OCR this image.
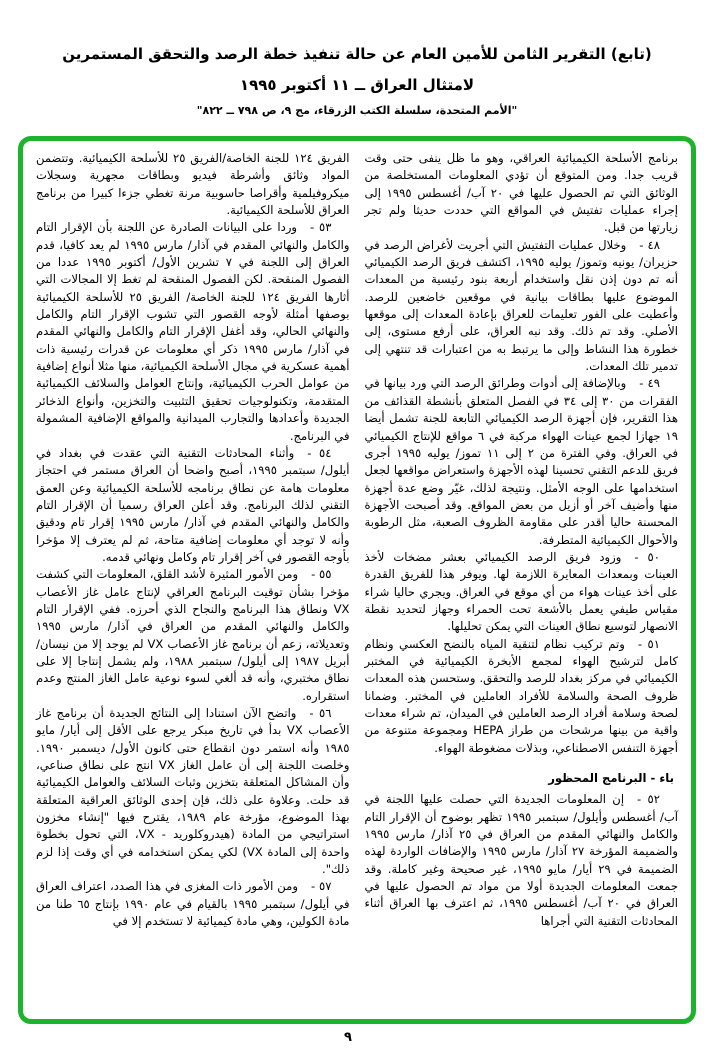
(تابع) التقرير الثامن للأمين العام عن حالة تنفيذ خطة الرصد والتحقق المستمرين
لامتثال العراق ــ ١١ أكتوبر ١٩٩٥
"الأمم المتحدة، سلسلة الكتب الزرقاء، مج ٩، ص ٧٩٨ ــ ٨٢٢"

برنامج الأسلحة الكيميائية العراقي، وهو ما ظل ينفى حتى وقت قريب جدا. ومن المتوقع أن تؤدي المعلومات المستخلصة من الوثائق التي تم الحصول عليها في ٢٠ آب/ أغسطس ١٩٩٥ إلى إجراء عمليات تفتيش في المواقع التي حددت حديثا ولم تجر زيارتها من قبل.

٤٨ -وخلال عمليات التفتيش التي أجريت لأغراض الرصد في حزيران/ يونيه وتموز/ يوليه ١٩٩٥، اكتشف فريق الرصد الكيميائي أنه تم دون إذن نقل واستخدام أربعة بنود رئيسية من المعدات الموضوع عليها بطاقات بيانية في موقعين خاضعين للرصد. وأعطيت على الفور تعليمات للعراق بإعادة المعدات إلى موقعها الأصلي. وقد تم ذلك. وقد نبه العراق، على أرفع مستوى، إلى خطورة هذا النشاط وإلى ما يرتبط به من اعتبارات قد تنتهي إلى تدمير تلك المعدات.

٤٩ -وبالإضافة إلى أدوات وطرائق الرصد التي ورد بيانها في الفقرات من ٣٠ إلى ٣٤ في الفصل المتعلق بأنشطة القذائف من هذا التقرير، فإن أجهزة الرصد الكيميائي التابعة للجنة تشمل أيضا ١٩ جهازا لجمع عينات الهواء مركبة في ٦ مواقع للإنتاج الكيميائي في العراق. وفي الفترة من ٢ إلى ١١ تموز/ يوليه ١٩٩٥ أجرى فريق للدعم التقني تحسينا لهذه الأجهزة واستعراض مواقعها لجعل استخدامها على الوجه الأمثل. ونتيجة لذلك، غيّر وضع عدة أجهزة منها وأضيف آخر أو أزيل من بعض المواقع. وقد أصبحت الأجهزة المحسنة حاليا أقدر على مقاومة الظروف الصعبة، مثل الرطوبة والأحوال الكيميائية المتطرفة.

٥٠ -وزود فريق الرصد الكيميائي بعشر مضخات لأخذ العينات وبمعدات المعايرة اللازمة لها. ويوفر هذا للفريق القدرة على أخذ عينات هواء من أي موقع في العراق. ويجري حاليا شراء مقياس طيفي يعمل بالأشعة تحت الحمراء وجهاز لتحديد نقطة الانصهار لتوسيع نطاق العينات التي يمكن تحليلها.

٥١ -وتم تركيب نظام لتنقية المياه بالنضح العكسي ونظام كامل لترشيح الهواء لمجمع الأبخرة الكيميائية في المختبر الكيميائي في مركز بغداد للرصد والتحقق. وستحسن هذه المعدات ظروف الصحة والسلامة للأفراد العاملين في المختبر. وضمانا لصحة وسلامة أفراد الرصد العاملين في الميدان، تم شراء معدات واقية من بينها مرشحات من طراز HEPA ومجموعة متنوعة من أجهزة التنفس الاصطناعي، وبذلات مضغوطة الهواء.

باء - البرنامج المحظور

٥٢ -إن المعلومات الجديدة التي حصلت عليها اللجنة في آب/ أغسطس وأيلول/ سبتمبر ١٩٩٥ تظهر بوضوح أن الإقرار التام والكامل والنهائي المقدم من العراق في ٢٥ آذار/ مارس ١٩٩٥ والضميمة المؤرخة ٢٧ آذار/ مارس ١٩٩٥ والإضافات الواردة لهذه الضميمة في ٢٩ أيار/ مايو ١٩٩٥، غير صحيحة وغير كاملة. وقد جمعت المعلومات الجديدة أولا من مواد تم الحصول عليها في العراق في ٢٠ آب/ أغسطس ١٩٩٥، ثم اعترف بها العراق أثناء المحادثات التقنية التي أجراها

الفريق ١٢٤ للجنة الخاصة/الفريق ٢٥ للأسلحة الكيميائية. وتتضمن المواد وثائق وأشرطة فيديو وبطاقات مجهرية وسجلات ميكروفيلمية وأقراصا حاسوبية مرنة تغطي جزءا كبيرا من برنامج العراق للأسلحة الكيميائية.

٥٣ -وردا على البيانات الصادرة عن اللجنة بأن الإقرار التام والكامل والنهائي المقدم في آذار/ مارس ١٩٩٥ لم يعد كافيا، قدم العراق إلى اللجنة في ٧ تشرين الأول/ أكتوبر ١٩٩٥ عددا من الفصول المنقحة. لكن الفصول المنقحة لم تغط إلا المجالات التي أثارها الفريق ١٢٤ للجنة الخاصة/ الفريق ٢٥ للأسلحة الكيميائية بوصفها أمثلة لأوجه القصور التي تشوب الإقرار التام والكامل والنهائي الحالي، وقد أغفل الإقرار التام والكامل والنهائي المقدم في آذار/ مارس ١٩٩٥ ذكر أي معلومات عن قدرات رئيسية ذات أهمية عسكرية في مجال الأسلحة الكيميائية، منها مثلا أنواع إضافية من عوامل الحرب الكيميائية، وإنتاج العوامل والسلائف الكيميائية المتقدمة، وتكنولوجيات تحقيق التثبيت والتخزين، وأنواع الذخائر الجديدة وأعدادها والتجارب الميدانية والمواقع الإضافية المشمولة في البرنامج.

٥٤ -وأثناء المحادثات التقنية التي عقدت في بغداد في أيلول/ سبتمبر ١٩٩٥، أصبح واضحا أن العراق مستمر في احتجاز معلومات هامة عن نطاق برنامجه للأسلحة الكيميائية وعن العمق التقني لذلك البرنامج. وقد أعلن العراق رسميا أن الإقرار التام والكامل والنهائي المقدم في آذار/ مارس ١٩٩٥ إقرار تام ودقيق وأنه لا توجد أي معلومات إضافية متاحة، ثم لم يعترف إلا مؤخرا بأوجه القصور في آخر إقرار تام وكامل ونهائي قدمه.

٥٥ -ومن الأمور المثيرة لأشد القلق، المعلومات التي كشفت مؤخرا بشأن توقيت البرنامج العراقي لإنتاج عامل غاز الأعصاب VX ونطاق هذا البرنامج والنجاح الذي أحرزه. ففي الإقرار التام والكامل والنهائي المقدم من العراق في آذار/ مارس ١٩٩٥ وتعديلاته، زعم أن برنامج غاز الأعصاب VX لم يوجد إلا من نيسان/ أبريل ١٩٨٧ إلى أيلول/ سبتمبر ١٩٨٨، ولم يشمل إنتاجا إلا على نطاق مختبري، وأنه قد ألغي لسوء نوعية عامل الغاز المنتج وعدم استقراره.

٥٦ -واتضح الآن استنادا إلى النتائج الجديدة أن برنامج غاز الأعصاب VX بدأ في تاريخ مبكر يرجع على الأقل إلى أيار/ مايو ١٩٨٥ وأنه استمر دون انقطاع حتى كانون الأول/ ديسمبر ١٩٩٠. وخلصت اللجنة إلى أن عامل الغاز VX انتج على نطاق صناعي، وأن المشاكل المتعلقة بتخزين وثبات السلائف والعوامل الكيميائية قد حلت. وعلاوة على ذلك، فإن إحدى الوثائق العراقية المتعلقة بهذا الموضوع، مؤرخة عام ١٩٨٩، يقترح فيها "إنشاء مخزون استراتيجي من المادة (هيدروكلوريد - VX، التي تحول بخطوة واحدة إلى المادة VX) لكي يمكن استخدامه في أي وقت إذا لزم ذلك".

٥٧ -ومن الأمور ذات المغزى في هذا الصدد، اعتراف العراق في أيلول/ سبتمبر ١٩٩٥ بالقيام في عام ١٩٩٠ بإنتاج ٦٥ طنا من مادة الكولين، وهي مادة كيميائية لا تستخدم إلا في

٩
